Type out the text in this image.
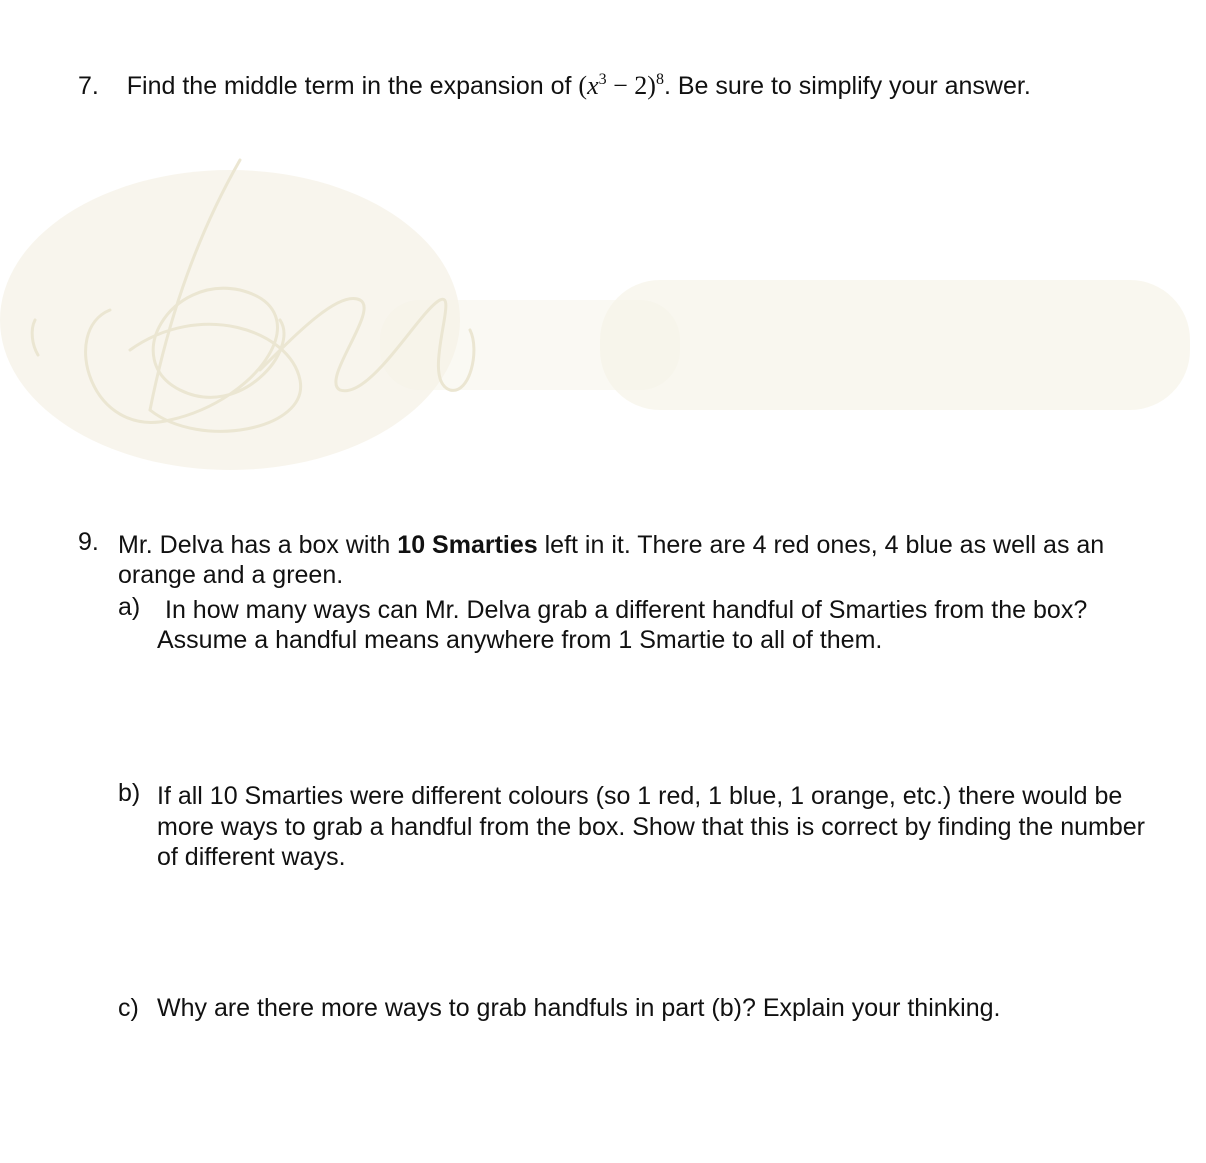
7. Find the middle term in the expansion of $(x^3 - 2)^8$. Be sure to simplify your answer.
9. Mr. Delva has a box with 10 Smarties left in it. There are 4 red ones, 4 blue as well as an
orange and a green.
a) In how many ways can Mr. Delva grab a different handful of Smarties from the box?
Assume a handful means anywhere from 1 Smartie to all of them.
b) If all 10 Smarties were different colours (so 1 red, 1 blue, 1 orange, etc.) there would be
more ways to grab a handful from the box. Show that this is correct by finding the number
of different ways.
c) Why are there more ways to grab handfuls in part (b)? Explain your thinking.
